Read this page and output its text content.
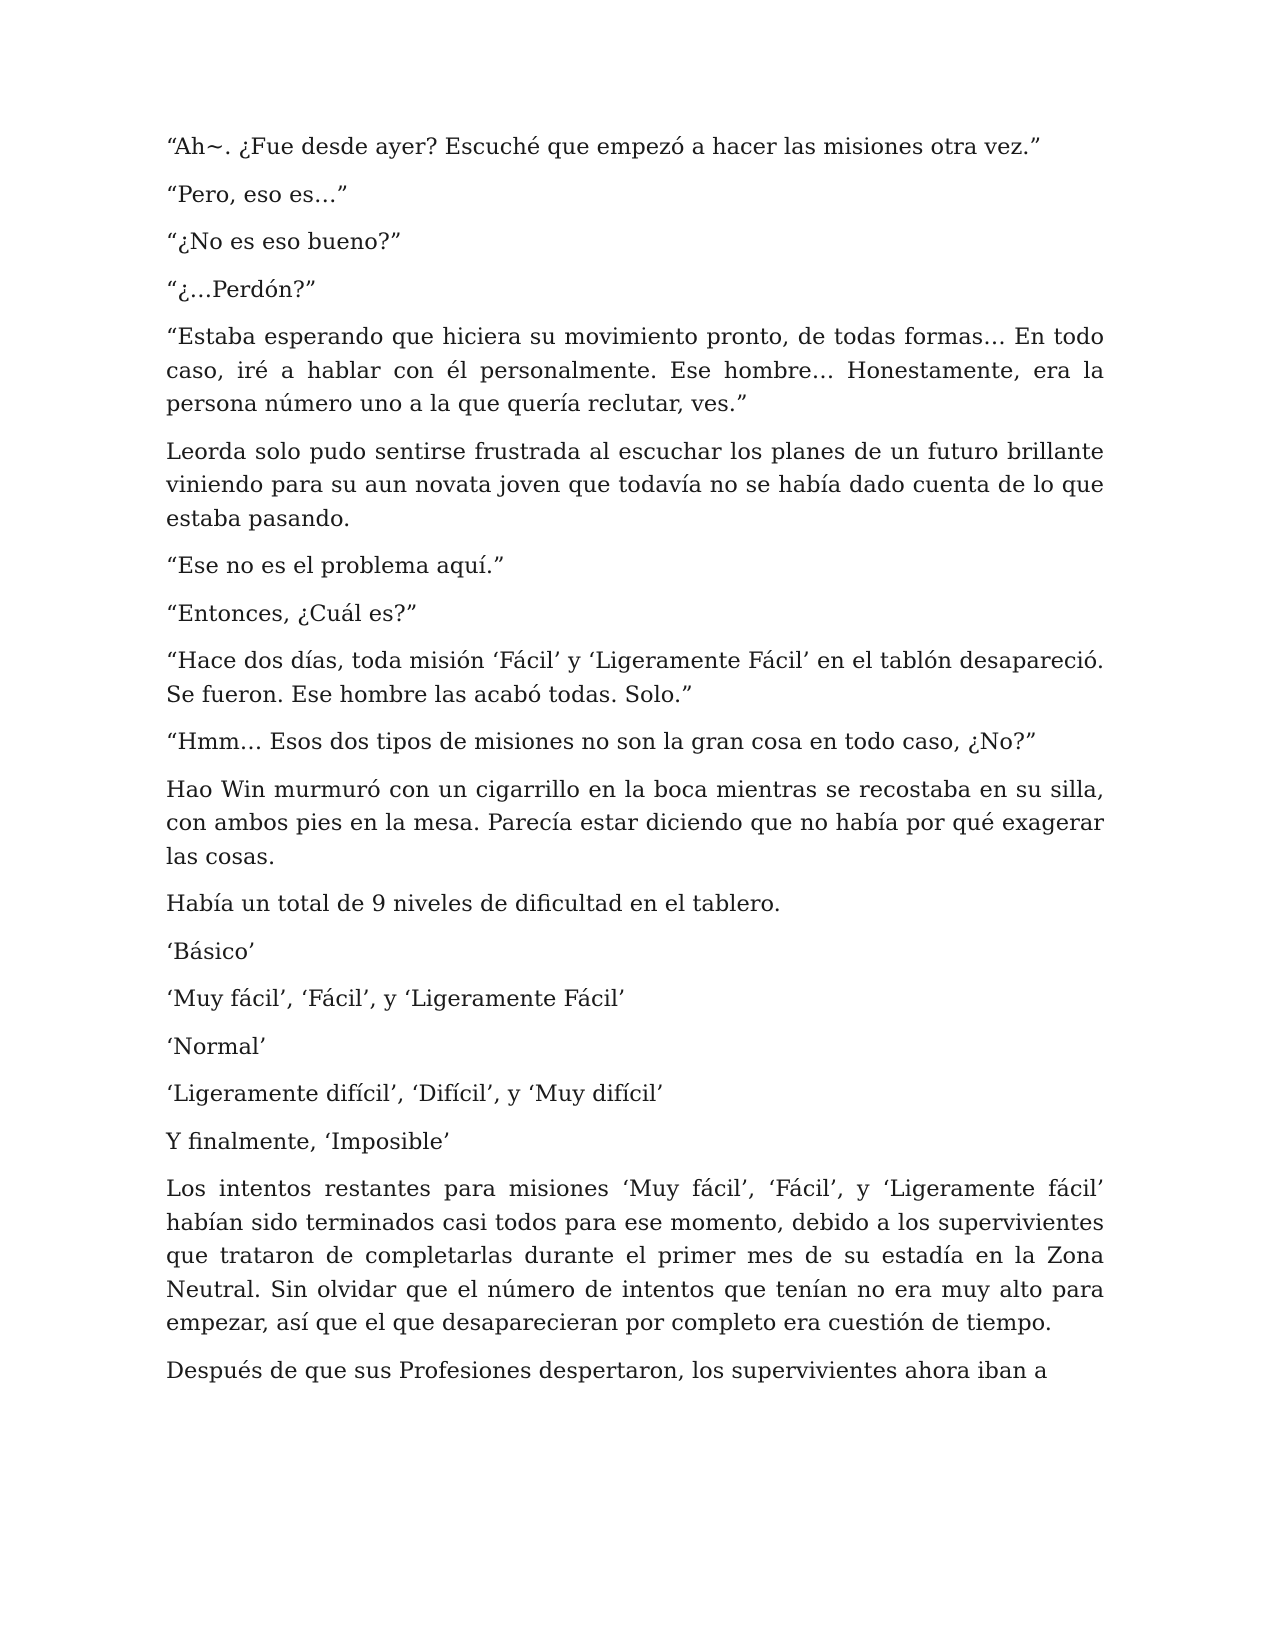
“Ah~. ¿Fue desde ayer? Escuché que empezó a hacer las misiones otra vez.”

“Pero, eso es…”

“¿No es eso bueno?”

“¿…Perdón?”

“Estaba esperando que hiciera su movimiento pronto, de todas formas… En todo caso, iré a hablar con él personalmente. Ese hombre… Honestamente, era la persona número uno a la que quería reclutar, ves.”

Leorda solo pudo sentirse frustrada al escuchar los planes de un futuro brillante viniendo para su aun novata joven que todavía no se había dado cuenta de lo que estaba pasando.

“Ese no es el problema aquí.”

“Entonces, ¿Cuál es?”

“Hace dos días, toda misión ‘Fácil’ y ‘Ligeramente Fácil’ en el tablón desapareció. Se fueron. Ese hombre las acabó todas. Solo.”

“Hmm… Esos dos tipos de misiones no son la gran cosa en todo caso, ¿No?”

Hao Win murmuró con un cigarrillo en la boca mientras se recostaba en su silla, con ambos pies en la mesa. Parecía estar diciendo que no había por qué exagerar las cosas.

Había un total de 9 niveles de dificultad en el tablero.

‘Básico’

‘Muy fácil’, ‘Fácil’, y ‘Ligeramente Fácil’

‘Normal’

‘Ligeramente difícil’, ‘Difícil’, y ‘Muy difícil’

Y finalmente, ‘Imposible’

Los intentos restantes para misiones ‘Muy fácil’, ‘Fácil’, y ‘Ligeramente fácil’ habían sido terminados casi todos para ese momento, debido a los supervivientes que trataron de completarlas durante el primer mes de su estadía en la Zona Neutral. Sin olvidar que el número de intentos que tenían no era muy alto para empezar, así que el que desaparecieran por completo era cuestión de tiempo.

Después de que sus Profesiones despertaron, los supervivientes ahora iban a
